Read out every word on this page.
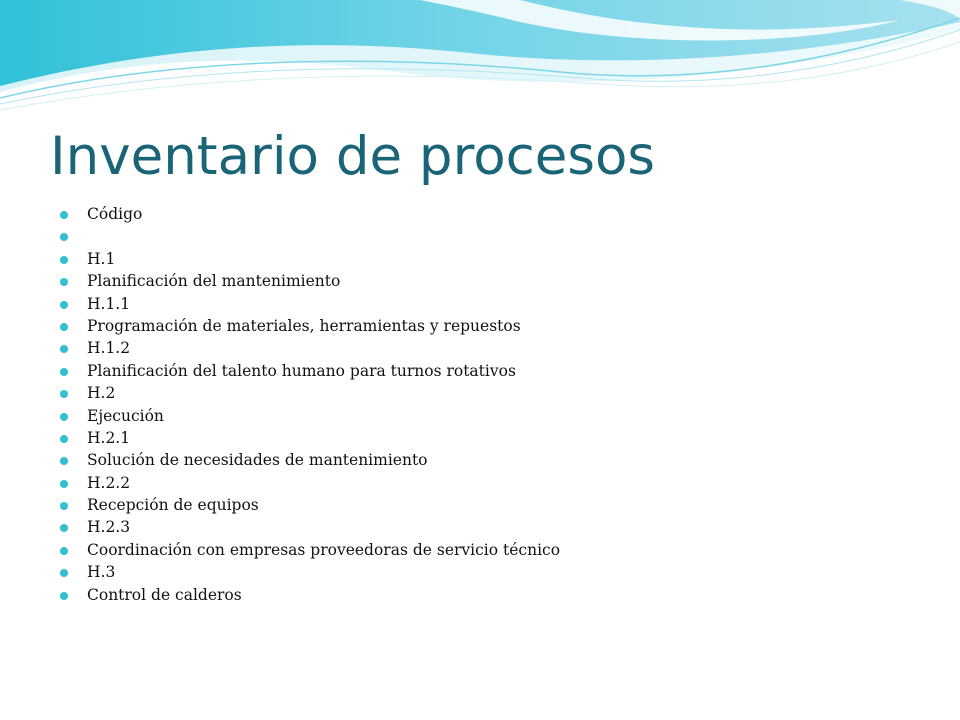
Inventario de procesos
Código
H.1
Planificación del mantenimiento
H.1.1
Programación de materiales, herramientas y repuestos
H.1.2
Planificación del talento humano para turnos rotativos
H.2
Ejecución
H.2.1
Solución de necesidades de mantenimiento
H.2.2
Recepción de equipos
H.2.3
Coordinación con empresas proveedoras de servicio técnico
H.3
Control de calderos
